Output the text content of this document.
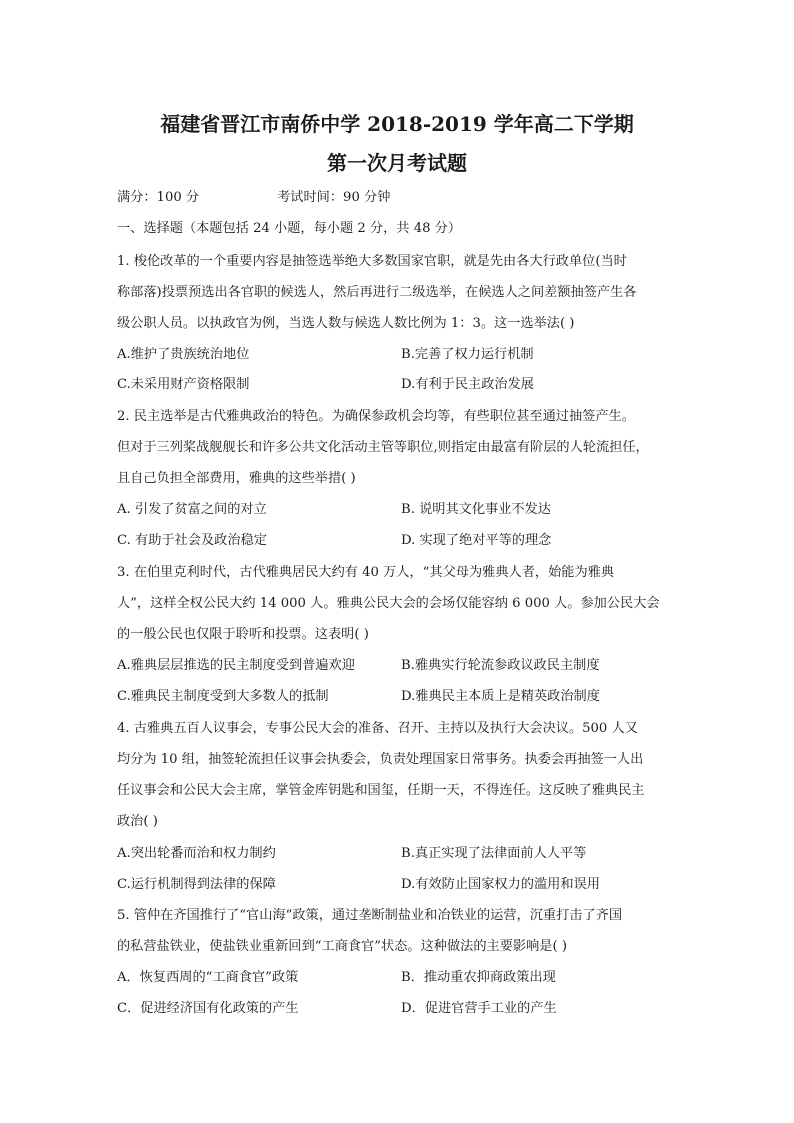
福建省晋江市南侨中学 2018-2019 学年高二下学期
第一次月考试题
满分：100 分	考试时间：90 分钟
一、选择题（本题包括 24 小题，每小题 2 分，共 48 分）
1. 梭伦改革的一个重要内容是抽签选举绝大多数国家官职，就是先由各大行政单位(当时
称部落)投票预选出各官职的候选人，然后再进行二级选举，在候选人之间差额抽签产生各
级公职人员。以执政官为例，当选人数与候选人数比例为 1：3。这一选举法( )
A.维护了贵族统治地位	B.完善了权力运行机制
C.未采用财产资格限制	D.有利于民主政治发展
2. 民主选举是古代雅典政治的特色。为确保参政机会均等，有些职位甚至通过抽签产生。
但对于三列桨战舰舰长和许多公共文化活动主管等职位,则指定由最富有阶层的人轮流担任，
且自己负担全部费用，雅典的这些举措( )
A. 引发了贫富之间的对立	B. 说明其文化事业不发达
C. 有助于社会及政治稳定	D. 实现了绝对平等的理念
3. 在伯里克利时代，古代雅典居民大约有 40 万人，“其父母为雅典人者，始能为雅典
人”，这样全权公民大约 14 000 人。雅典公民大会的会场仅能容纳 6 000 人。参加公民大会
的一般公民也仅限于聆听和投票。这表明( )
A.雅典层层推选的民主制度受到普遍欢迎	B.雅典实行轮流参政议政民主制度
C.雅典民主制度受到大多数人的抵制	D.雅典民主本质上是精英政治制度
4. 古雅典五百人议事会，专事公民大会的准备、召开、主持以及执行大会决议。500 人又
均分为 10 组，抽签轮流担任议事会执委会，负责处理国家日常事务。执委会再抽签一人出
任议事会和公民大会主席，掌管金库钥匙和国玺，任期一天，不得连任。这反映了雅典民主
政治( )
A.突出轮番而治和权力制约	B.真正实现了法律面前人人平等
C.运行机制得到法律的保障	D.有效防止国家权力的滥用和误用
5. 管仲在齐国推行了“官山海”政策，通过垄断制盐业和冶铁业的运营，沉重打击了齐国
的私营盐铁业，使盐铁业重新回到“工商食官”状态。这种做法的主要影响是( )
A．恢复西周的“工商食官”政策	B．推动重农抑商政策出现
C．促进经济国有化政策的产生	D．促进官营手工业的产生
